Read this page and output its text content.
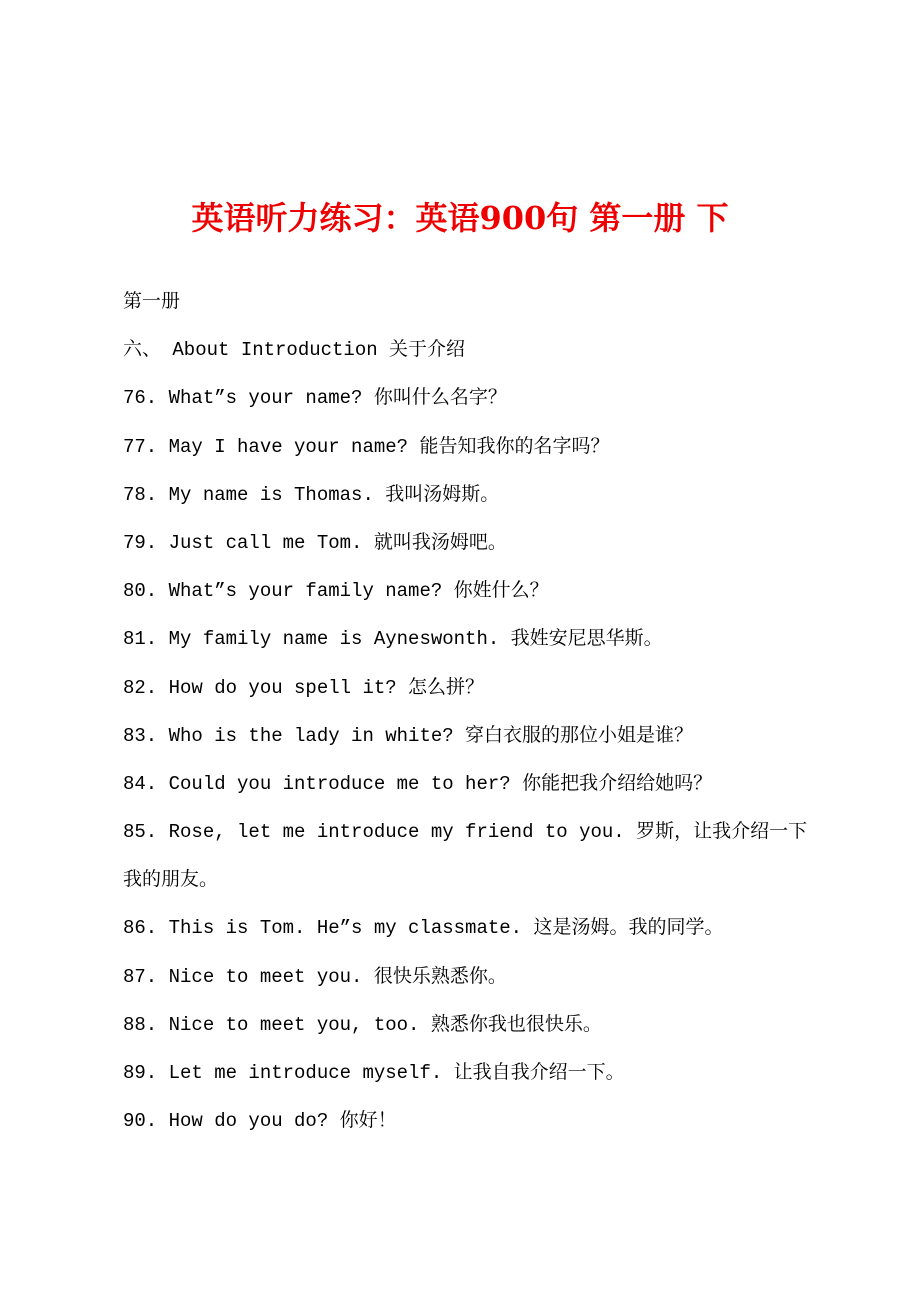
英语听力练习：英语900句 第一册 下

第一册

六、 About Introduction 关于介绍

76. What”s your name? 你叫什么名字？

77. May I have your name? 能告知我你的名字吗？

78. My name is Thomas. 我叫汤姆斯。

79. Just call me Tom. 就叫我汤姆吧。

80. What”s your family name? 你姓什么？

81. My family name is Ayneswonth. 我姓安尼思华斯。

82. How do you spell it? 怎么拼？

83. Who is the lady in white? 穿白衣服的那位小姐是谁？

84. Could you introduce me to her? 你能把我介绍给她吗？

85. Rose, let me introduce my friend to you. 罗斯，让我介绍一下我的朋友。

86. This is Tom. He”s my classmate. 这是汤姆。我的同学。

87. Nice to meet you. 很快乐熟悉你。

88. Nice to meet you, too. 熟悉你我也很快乐。

89. Let me introduce myself. 让我自我介绍一下。

90. How do you do? 你好！
